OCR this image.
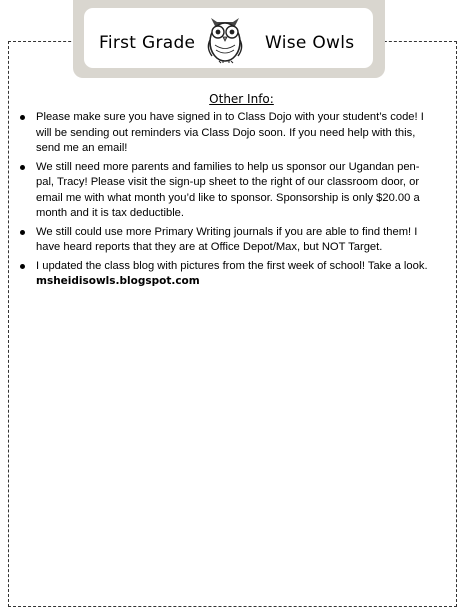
First Grade	Wise Owls
Other Info:
Please make sure you have signed in to Class Dojo with your student’s code! I will be sending out reminders via Class Dojo soon. If you need help with this, send me an email!
We still need more parents and families to help us sponsor our Ugandan pen-pal, Tracy! Please visit the sign-up sheet to the right of our classroom door, or email me with what month you’d like to sponsor. Sponsorship is only $20.00 a month and it is tax deductible.
We still could use more Primary Writing journals if you are able to find them! I have heard reports that they are at Office Depot/Max, but NOT Target.
I updated the class blog with pictures from the first week of school! Take a look.
msheidisowls.blogspot.com
